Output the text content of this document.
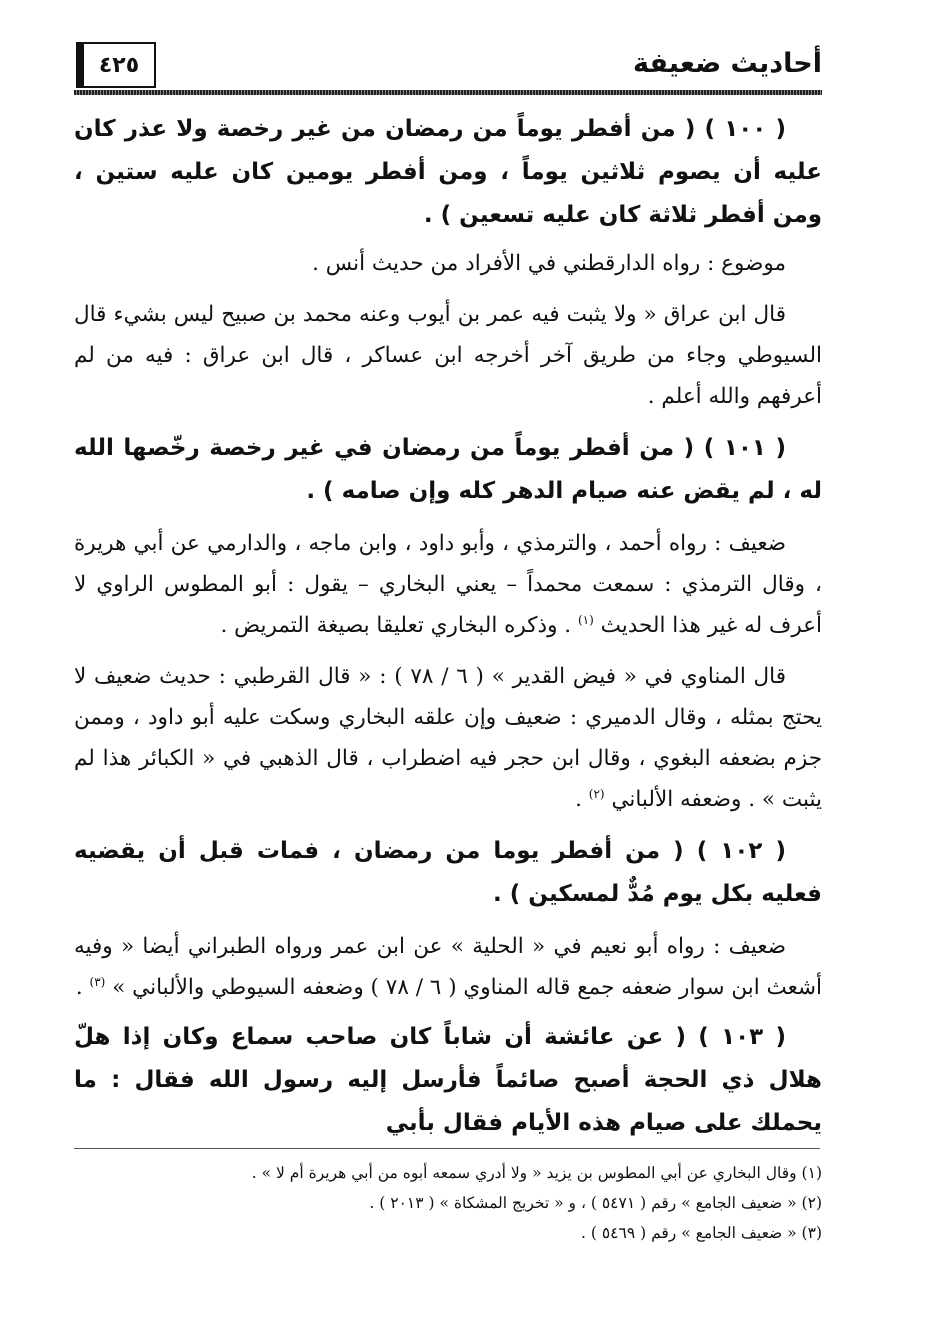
أحاديث ضعيفة
٤٢٥

( ١٠٠ ) ( من أفطر يوماً من رمضان من غير رخصة ولا عذر كان عليه أن يصوم ثلاثين يوماً ، ومن أفطر يومين كان عليه ستين ، ومن أفطر ثلاثة كان عليه تسعين ) .

موضوع : رواه الدارقطني في الأفراد من حديث أنس .

قال ابن عراق « ولا يثبت فيه عمر بن أيوب وعنه محمد بن صبيح ليس بشيء قال السيوطي وجاء من طريق آخر أخرجه ابن عساكر ، قال ابن عراق : فيه من لم أعرفهم والله أعلم .

( ١٠١ ) ( من أفطر يوماً من رمضان في غير رخصة رخّصها الله له ، لم يقض عنه صيام الدهر كله وإن صامه ) .

ضعيف : رواه أحمد ، والترمذي ، وأبو داود ، وابن ماجه ، والدارمي عن أبي هريرة ، وقال الترمذي : سمعت محمداً – يعني البخاري – يقول : أبو المطوس الراوي لا أعرف له غير هذا الحديث $^{(١)}$ . وذكره البخاري تعليقا بصيغة التمريض .

قال المناوي في « فيض القدير » ( ٦ / ٧٨ ) : « قال القرطبي : حديث ضعيف لا يحتج بمثله ، وقال الدميري : ضعيف وإن علقه البخاري وسكت عليه أبو داود ، وممن جزم بضعفه البغوي ، وقال ابن حجر فيه اضطراب ، قال الذهبي في « الكبائر هذا لم يثبت » . وضعفه الألباني $^{(٢)}$ .

( ١٠٢ ) ( من أفطر يوما من رمضان ، فمات قبل أن يقضيه فعليه بكل يوم مُدٌّ لمسكين ) .

ضعيف : رواه أبو نعيم في « الحلية » عن ابن عمر ورواه الطبراني أيضا « وفيه أشعث ابن سوار ضعفه جمع قاله المناوي ( ٦ / ٧٨ ) وضعفه السيوطي والألباني » $^{(٣)}$ .

( ١٠٣ ) ( عن عائشة أن شاباً كان صاحب سماع وكان إذا هلّ هلال ذي الحجة أصبح صائماً فأرسل إليه رسول الله فقال : ما يحملك على صيام هذه الأيام فقال بأبي

(١) وقال البخاري عن أبي المطوس بن يزيد « ولا أدري سمعه أبوه من أبي هريرة أم لا » .

(٢) « ضعيف الجامع » رقم ( ٥٤٧١ ) ، و « تخريج المشكاة » ( ٢٠١٣ ) .

(٣) « ضعيف الجامع » رقم ( ٥٤٦٩ ) .
